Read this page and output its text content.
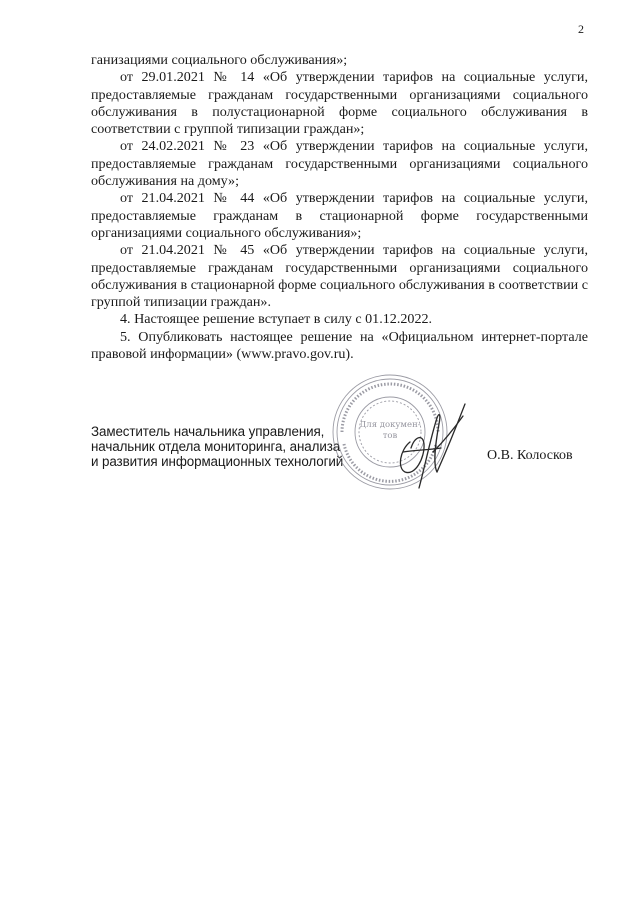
2

ганизациями социального обслуживания»;

от 29.01.2021 № 14 «Об утверждении тарифов на социальные услуги, предоставляемые гражданам государственными организациями социального обслуживания в полустационарной форме социального обслуживания в соответствии с группой типизации граждан»;

от 24.02.2021 № 23 «Об утверждении тарифов на социальные услуги, предоставляемые гражданам государственными организациями социального обслуживания на дому»;

от 21.04.2021 № 44 «Об утверждении тарифов на социальные услуги, предоставляемые гражданам в стационарной форме государственными организациями социального обслуживания»;

от 21.04.2021 № 45 «Об утверждении тарифов на социальные услуги, предоставляемые гражданам государственными организациями социального обслуживания в стационарной форме социального обслуживания в соответствии с группой типизации граждан».

4. Настоящее решение вступает в силу с 01.12.2022.

5. Опубликовать настоящее решение на «Официальном интернет-портале правовой информации» (www.pravo.gov.ru).

Заместитель начальника управления,
начальник отдела мониторинга, анализа
и развития информационных технологий
Для докумен-
тов
О.В. Колосков
